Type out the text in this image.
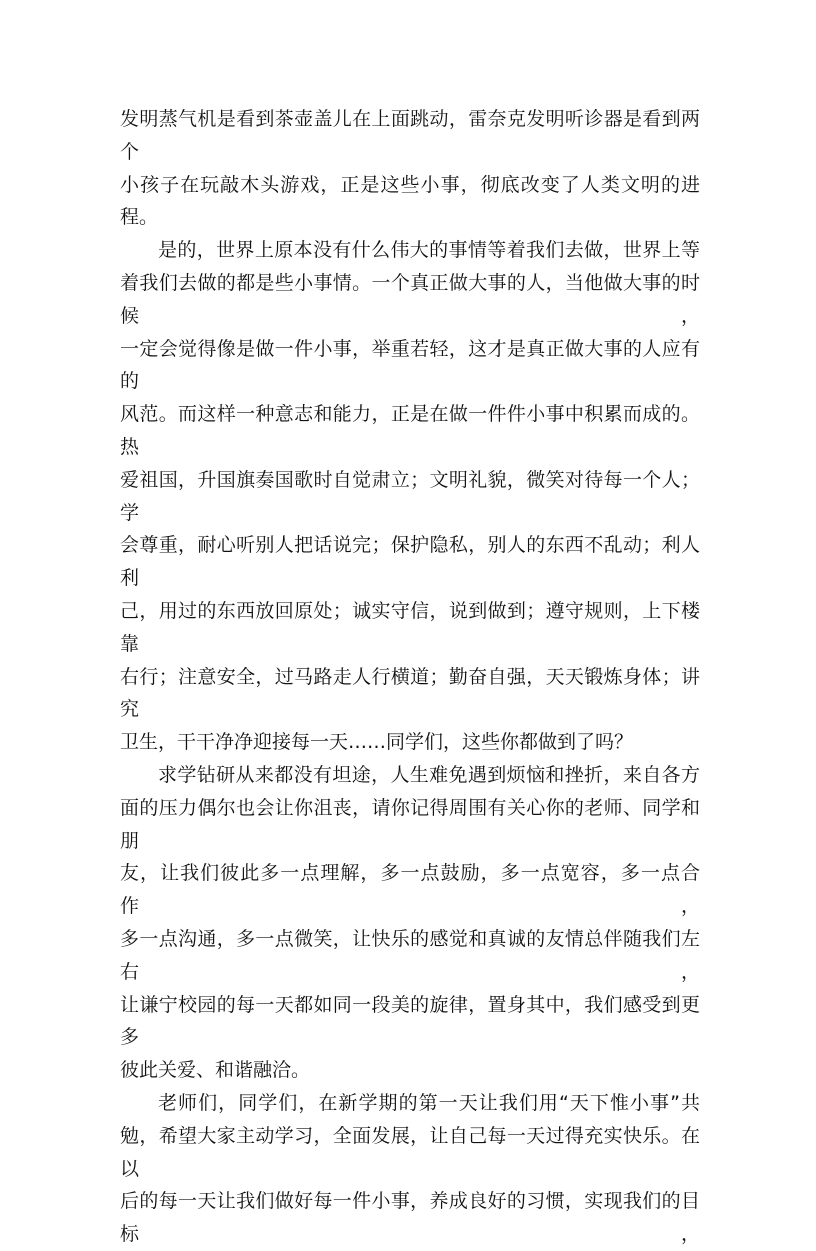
发明蒸气机是看到茶壶盖儿在上面跳动，雷奈克发明听诊器是看到两个
小孩子在玩敲木头游戏，正是这些小事，彻底改变了人类文明的进程。
是的，世界上原本没有什么伟大的事情等着我们去做，世界上等
着我们去做的都是些小事情。一个真正做大事的人，当他做大事的时候，
一定会觉得像是做一件小事，举重若轻，这才是真正做大事的人应有的
风范。而这样一种意志和能力，正是在做一件件小事中积累而成的。热
爱祖国，升国旗奏国歌时自觉肃立；文明礼貌，微笑对待每一个人；学
会尊重，耐心听别人把话说完；保护隐私，别人的东西不乱动；利人利
己，用过的东西放回原处；诚实守信，说到做到；遵守规则，上下楼靠
右行；注意安全，过马路走人行横道；勤奋自强，天天锻炼身体；讲究
卫生，干干净净迎接每一天……同学们，这些你都做到了吗？
求学钻研从来都没有坦途，人生难免遇到烦恼和挫折，来自各方
面的压力偶尔也会让你沮丧，请你记得周围有关心你的老师、同学和朋
友，让我们彼此多一点理解，多一点鼓励，多一点宽容，多一点合作，
多一点沟通，多一点微笑，让快乐的感觉和真诚的友情总伴随我们左右，
让谦宁校园的每一天都如同一段美的旋律，置身其中，我们感受到更多
彼此关爱、和谐融洽。
老师们，同学们，在新学期的第一天让我们用“天下惟小事”共
勉，希望大家主动学习，全面发展，让自己每一天过得充实快乐。在以
后的每一天让我们做好每一件小事，养成良好的习惯，实现我们的目标，
